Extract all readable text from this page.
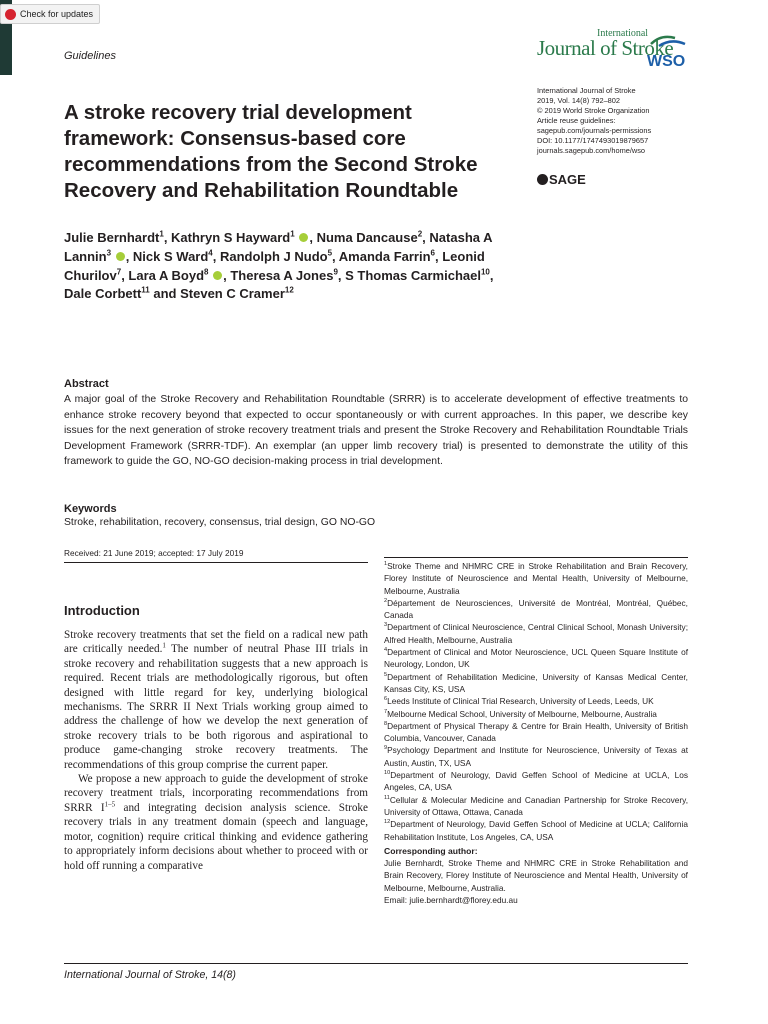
Check for updates
Guidelines
International
Journal of Stroke
WSO
International Journal of Stroke
2019, Vol. 14(8) 792–802
© 2019 World Stroke Organization
Article reuse guidelines:
sagepub.com/journals-permissions
DOI: 10.1177/1747493019879657
journals.sagepub.com/home/wso
SAGE
A stroke recovery trial development framework: Consensus-based core recommendations from the Second Stroke Recovery and Rehabilitation Roundtable
Julie Bernhardt$^1$, Kathryn S Hayward$^1$ , Numa Dancause$^2$, Natasha A Lannin$^3$ , Nick S Ward$^4$, Randolph J Nudo$^5$, Amanda Farrin$^6$, Leonid Churilov$^7$, Lara A Boyd$^8$ , Theresa A Jones$^9$, S Thomas Carmichael$^{10}$, Dale Corbett$^{11}$ and Steven C Cramer$^{12}$
Abstract

A major goal of the Stroke Recovery and Rehabilitation Roundtable (SRRR) is to accelerate development of effective treatments to enhance stroke recovery beyond that expected to occur spontaneously or with current approaches. In this paper, we describe key issues for the next generation of stroke recovery treatment trials and present the Stroke Recovery and Rehabilitation Roundtable Trials Development Framework (SRRR-TDF). An exemplar (an upper limb recovery trial) is presented to demonstrate the utility of this framework to guide the GO, NO-GO decision-making process in trial development.

Keywords
Stroke, rehabilitation, recovery, consensus, trial design, GO NO-GO
Received: 21 June 2019; accepted: 17 July 2019
Introduction

Stroke recovery treatments that set the field on a radical new path are critically needed.$^1$ The number of neutral Phase III trials in stroke recovery and rehabilitation suggests that a new approach is required. Recent trials are methodologically rigorous, but often designed with little regard for key, underlying biological mechanisms. The SRRR II Next Trials working group aimed to address the challenge of how we develop the next generation of stroke recovery trials to be both rigorous and aspirational to produce game-changing stroke recovery treatments. The recommendations of this group comprise the current paper.

We propose a new approach to guide the development of stroke recovery treatment trials, incorporating recommendations from SRRR $I^{1-5}$ and integrating decision analysis science. Stroke recovery trials in any treatment domain (speech and language, motor, cognition) require critical thinking and evidence gathering to appropriately inform decisions about whether to proceed with or hold off running a comparative

$^1$Stroke Theme and NHMRC CRE in Stroke Rehabilitation and Brain Recovery, Florey Institute of Neuroscience and Mental Health, University of Melbourne, Melbourne, Australia
$^2$Département de Neurosciences, Université de Montréal, Montréal, Québec, Canada
$^3$Department of Clinical Neuroscience, Central Clinical School, Monash University; Alfred Health, Melbourne, Australia
$^4$Department of Clinical and Motor Neuroscience, UCL Queen Square Institute of Neurology, London, UK
$^5$Department of Rehabilitation Medicine, University of Kansas Medical Center, Kansas City, KS, USA
$^6$Leeds Institute of Clinical Trial Research, University of Leeds, Leeds, UK
$^7$Melbourne Medical School, University of Melbourne, Melbourne, Australia
$^8$Department of Physical Therapy & Centre for Brain Health, University of British Columbia, Vancouver, Canada
$^9$Psychology Department and Institute for Neuroscience, University of Texas at Austin, Austin, TX, USA
$^{10}$Department of Neurology, David Geffen School of Medicine at UCLA, Los Angeles, CA, USA
$^{11}$Cellular & Molecular Medicine and Canadian Partnership for Stroke Recovery, University of Ottawa, Ottawa, Canada
$^{12}$Department of Neurology, David Geffen School of Medicine at UCLA; California Rehabilitation Institute, Los Angeles, CA, USA
Corresponding author:
Julie Bernhardt, Stroke Theme and NHMRC CRE in Stroke Rehabilitation and Brain Recovery, Florey Institute of Neuroscience and Mental Health, University of Melbourne, Melbourne, Australia.
Email: julie.bernhardt@florey.edu.au
International Journal of Stroke, 14(8)
